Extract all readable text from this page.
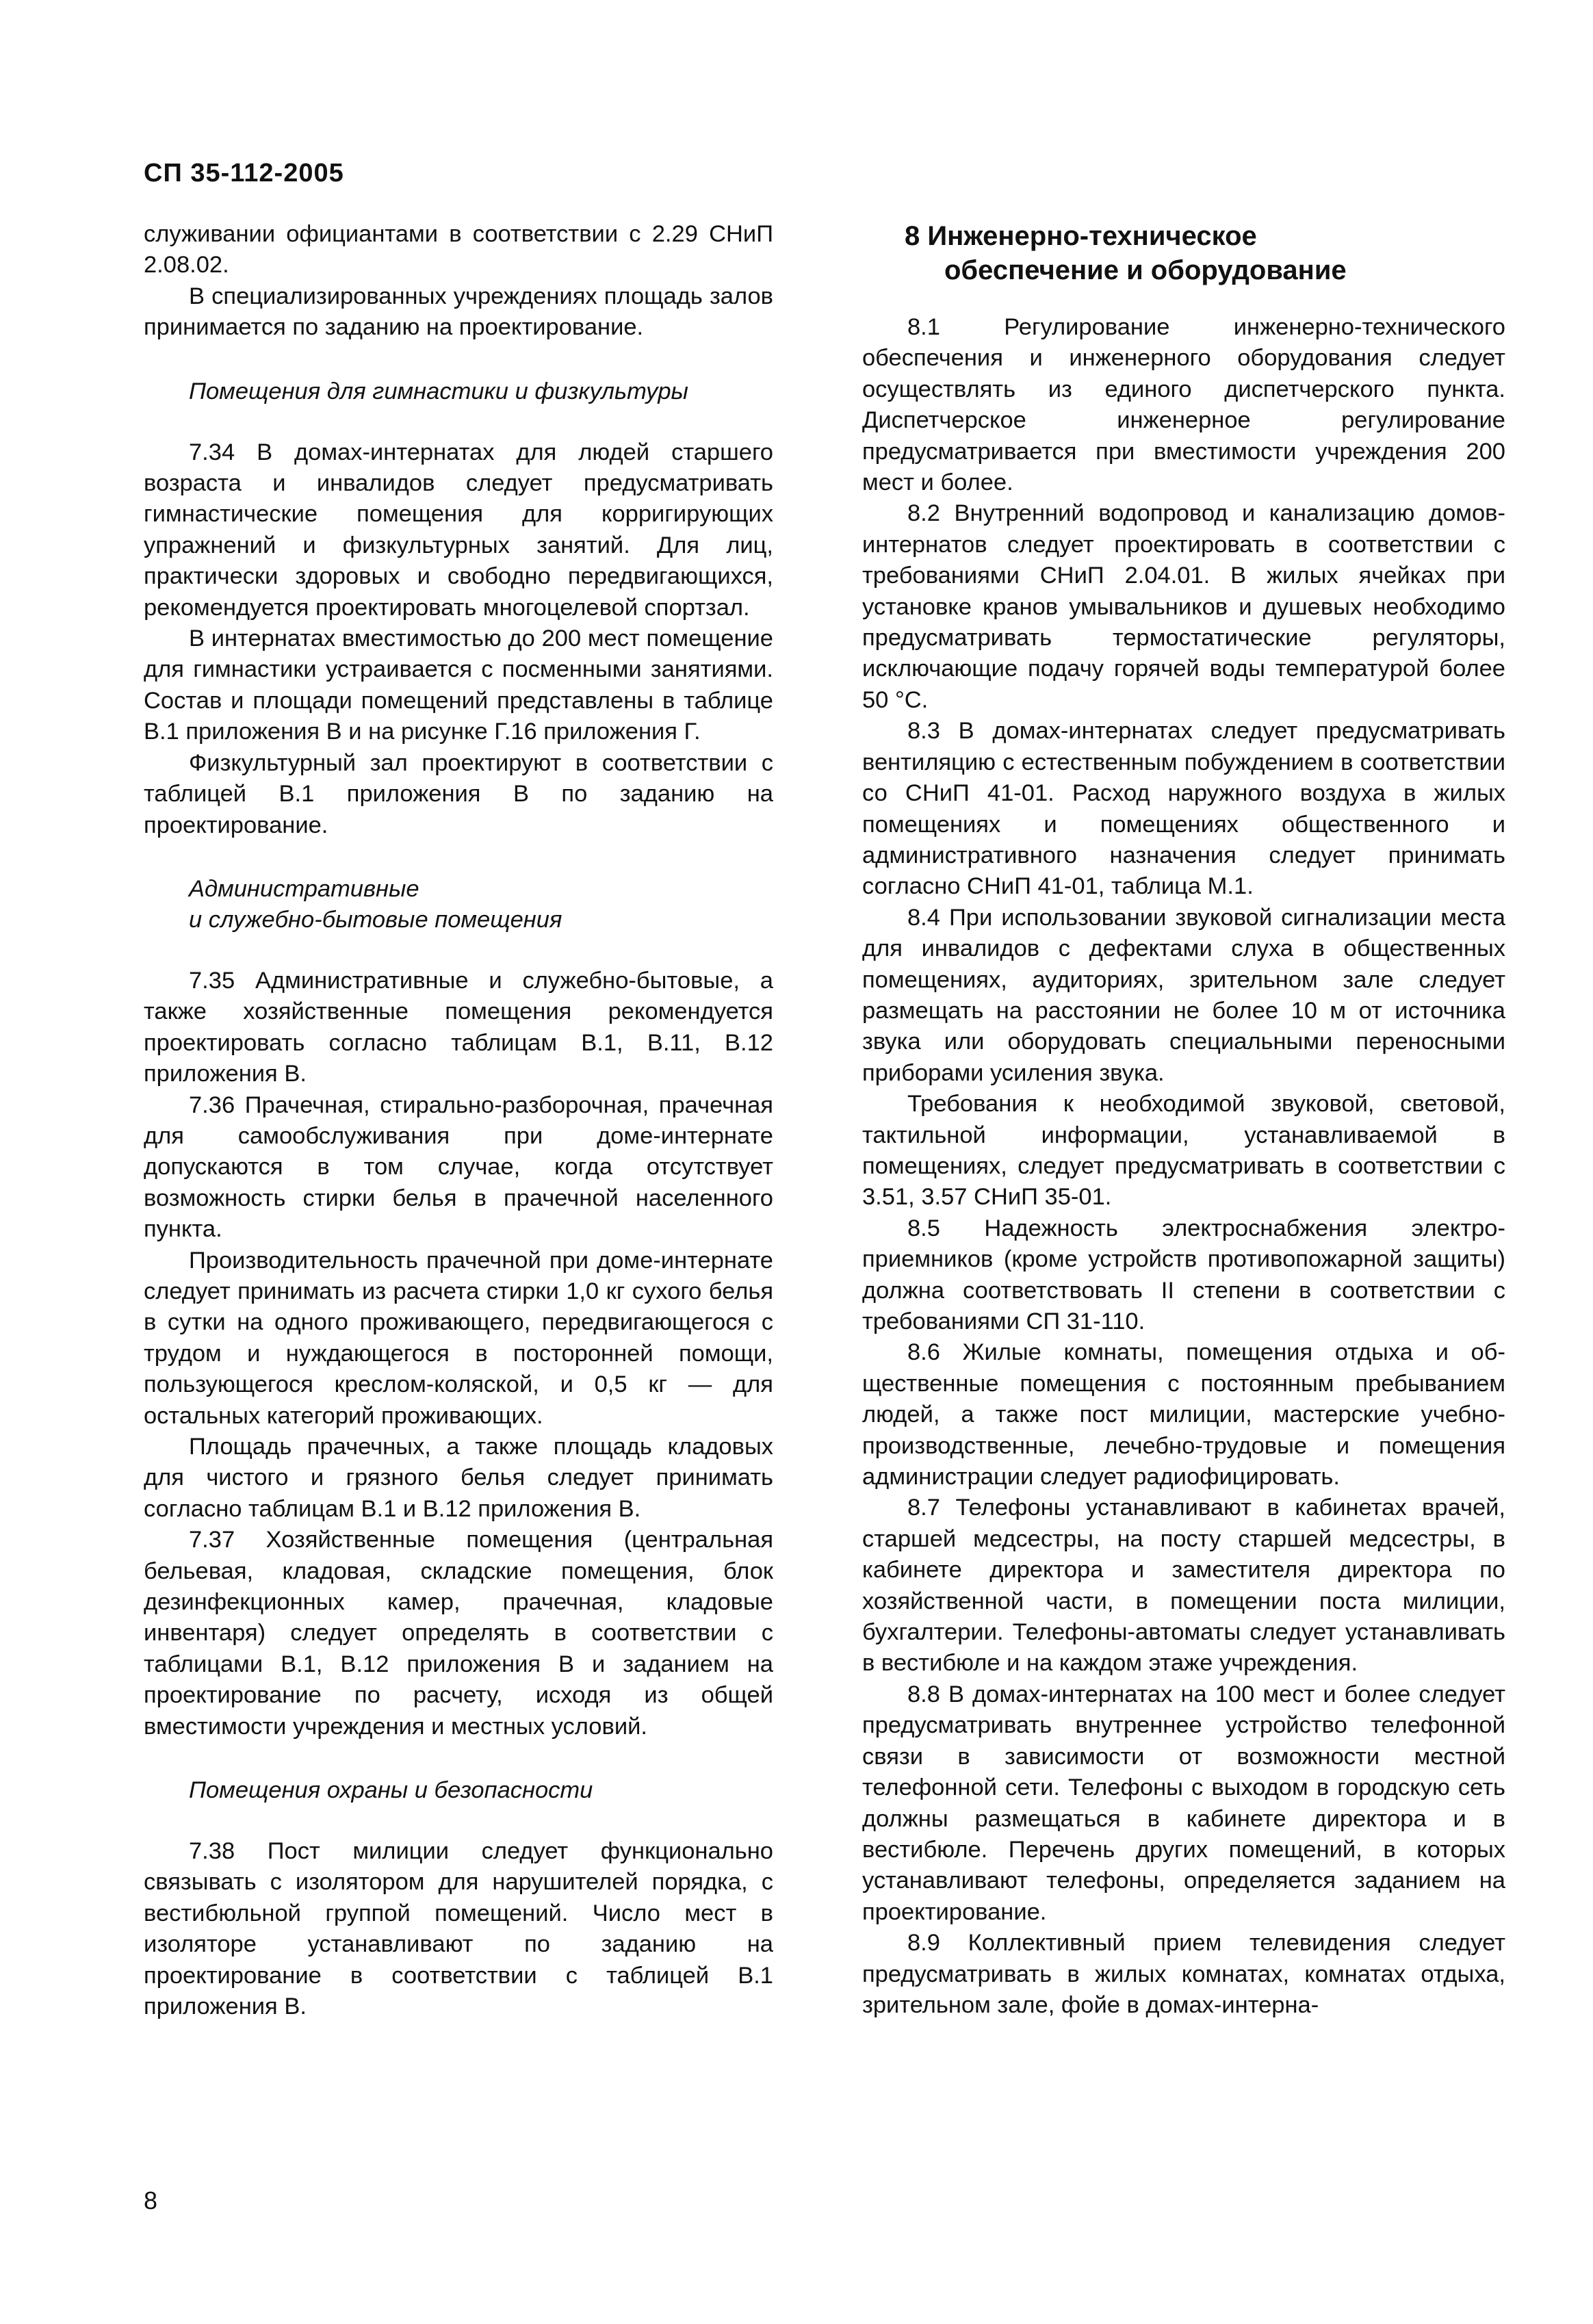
СП 35-112-2005

служивании официантами в соответствии с 2.29 СНиП 2.08.02.

В специализированных учреждениях площадь залов принимается по заданию на проектирование.

Помещения для гимнастики и физкультуры

7.34 В домах-интернатах для людей старшего возраста и инвалидов следует предусматривать гимнастические помещения для корригирующих упражнений и физкультурных занятий. Для лиц, практически здоровых и свободно передвигающихся, рекомендуется проектировать многоцелевой спортзал.

В интернатах вместимостью до 200 мест помещение для гимнастики устраивается с посменными занятиями. Состав и площади помещений представлены в таблице В.1 приложения В и на рисунке Г.16 приложения Г.

Физкультурный зал проектируют в соответствии с таблицей В.1 приложения В по заданию на проектирование.

Административные
и служебно-бытовые помещения

7.35 Административные и служебно-бытовые, а также хозяйственные помещения рекомендуется проектировать согласно таблицам В.1, В.11, В.12 приложения В.

7.36 Прачечная, стирально-разборочная, прачечная для самообслуживания при доме-интернате допускаются в том случае, когда отсутствует возможность стирки белья в прачечной населенного пункта.

Производительность прачечной при доме-интернате следует принимать из расчета стирки 1,0 кг сухого белья в сутки на одного проживающего, передвигающегося с трудом и нуждающегося в посторонней помощи, пользующегося креслом-коляской, и 0,5 кг — для остальных категорий проживающих.

Площадь прачечных, а также площадь кладовых для чистого и грязного белья следует принимать согласно таблицам В.1 и В.12 приложения В.

7.37 Хозяйственные помещения (центральная бельевая, кладовая, складские помещения, блок дезинфекционных камер, прачечная, кладовые инвентаря) следует определять в соответствии с таблицами В.1, В.12 приложения В и заданием на проектирование по расчету, исходя из общей вместимости учреждения и местных условий.

Помещения охраны и безопасности

7.38 Пост милиции следует функционально связывать с изолятором для нарушителей порядка, с вестибюльной группой помещений. Число мест в изоляторе устанавливают по заданию на проектирование в соответствии с таблицей В.1 приложения В.

8 Инженерно-техническое
обеспечение и оборудование

8.1 Регулирование инженерно-технического обеспечения и инженерного оборудования следует осуществлять из единого диспетчерского пункта. Диспетчерское инженерное регулирование предусматривается при вместимости учреждения 200 мест и более.

8.2 Внутренний водопровод и канализацию домов-интернатов следует проектировать в соответствии с требованиями СНиП 2.04.01. В жилых ячейках при установке кранов умывальников и душевых необходимо предусматривать термостатические регуляторы, исключающие подачу горячей воды температурой более 50 °С.

8.3 В домах-интернатах следует предусматривать вентиляцию с естественным побуждением в соответствии со СНиП 41-01. Расход наружного воздуха в жилых помещениях и помещениях общественного и административного назначения следует принимать согласно СНиП 41-01, таблица М.1.

8.4 При использовании звуковой сигнализации места для инвалидов с дефектами слуха в общественных помещениях, аудиториях, зрительном зале следует размещать на расстоянии не более 10 м от источника звука или оборудовать специальными переносными приборами усиления звука.

Требования к необходимой звуковой, световой, тактильной информации, устанавливаемой в помещениях, следует предусматривать в соответствии с 3.51, 3.57 СНиП 35-01.

8.5 Надежность электроснабжения электроприемников (кроме устройств противопожарной защиты) должна соответствовать II степени в соответствии с требованиями СП 31-110.

8.6 Жилые комнаты, помещения отдыха и общественные помещения с постоянным пребыванием людей, а также пост милиции, мастерские учебно-производственные, лечебно-трудовые и помещения администрации следует радиофицировать.

8.7 Телефоны устанавливают в кабинетах врачей, старшей медсестры, на посту старшей медсестры, в кабинете директора и заместителя директора по хозяйственной части, в помещении поста милиции, бухгалтерии. Телефоны-автоматы следует устанавливать в вестибюле и на каждом этаже учреждения.

8.8 В домах-интернатах на 100 мест и более следует предусматривать внутреннее устройство телефонной связи в зависимости от возможности местной телефонной сети. Телефоны с выходом в городскую сеть должны размещаться в кабинете директора и в вестибюле. Перечень других помещений, в которых устанавливают телефоны, определяется заданием на проектирование.

8.9 Коллективный прием телевидения следует предусматривать в жилых комнатах, комнатах отдыха, зрительном зале, фойе в домах-интерна-

8
